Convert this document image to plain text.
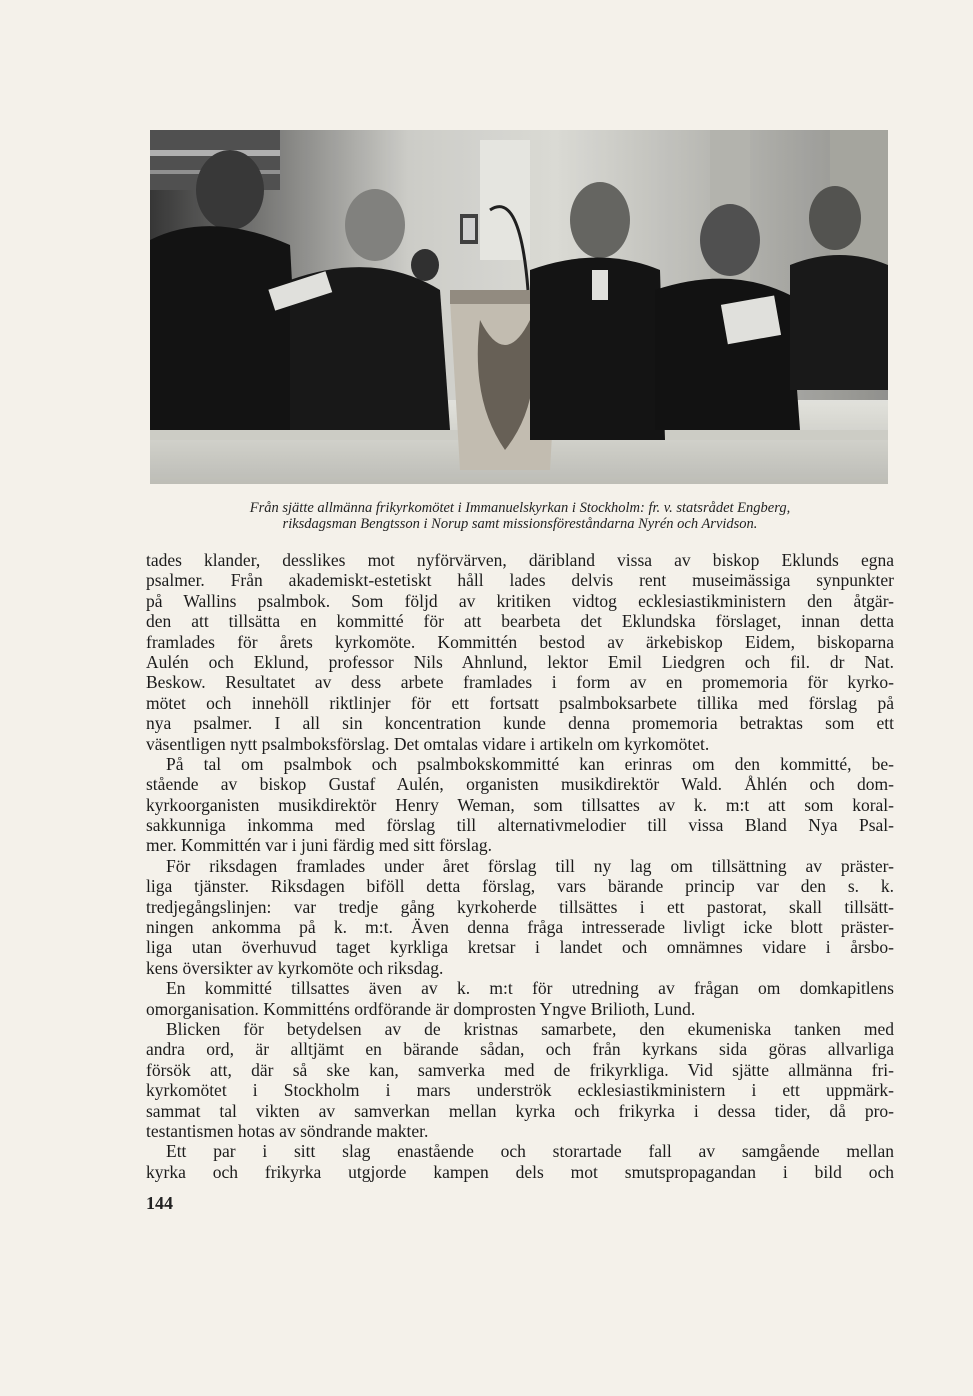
Från sjätte allmänna frikyrkomötet i Immanuelskyrkan i Stockholm: fr. v. statsrådet Engberg,
riksdagsman Bengtsson i Norup samt missionsföreståndarna Nyrén och Arvidson.
tades klander, desslikes mot nyförvärven, däribland vissa av biskop Eklunds egna
psalmer. Från akademiskt-estetiskt håll lades delvis rent museimässiga synpunkter
på Wallins psalmbok. Som följd av kritiken vidtog ecklesiastikministern den åtgär-
den att tillsätta en kommitté för att bearbeta det Eklundska förslaget, innan detta
framlades för årets kyrkomöte. Kommittén bestod av ärkebiskop Eidem, biskoparna
Aulén och Eklund, professor Nils Ahnlund, lektor Emil Liedgren och fil. dr Nat.
Beskow. Resultatet av dess arbete framlades i form av en promemoria för kyrko-
mötet och innehöll riktlinjer för ett fortsatt psalmboksarbete tillika med förslag på
nya psalmer. I all sin koncentration kunde denna promemoria betraktas som ett
väsentligen nytt psalmboksförslag. Det omtalas vidare i artikeln om kyrkomötet.
På tal om psalmbok och psalmbokskommitté kan erinras om den kommitté, be-
stående av biskop Gustaf Aulén, organisten musikdirektör Wald. Åhlén och dom-
kyrkoorganisten musikdirektör Henry Weman, som tillsattes av k. m:t att som koral-
sakkunniga inkomma med förslag till alternativmelodier till vissa Bland Nya Psal-
mer. Kommittén var i juni färdig med sitt förslag.
För riksdagen framlades under året förslag till ny lag om tillsättning av präster-
liga tjänster. Riksdagen biföll detta förslag, vars bärande princip var den s. k.
tredjegångslinjen: var tredje gång kyrkoherde tillsättes i ett pastorat, skall tillsätt-
ningen ankomma på k. m:t. Även denna fråga intresserade livligt icke blott präster-
liga utan överhuvud taget kyrkliga kretsar i landet och omnämnes vidare i årsbo-
kens översikter av kyrkomöte och riksdag.
En kommitté tillsattes även av k. m:t för utredning av frågan om domkapitlens
omorganisation. Kommitténs ordförande är domprosten Yngve Brilioth, Lund.
Blicken för betydelsen av de kristnas samarbete, den ekumeniska tanken med
andra ord, är alltjämt en bärande sådan, och från kyrkans sida göras allvarliga
försök att, där så ske kan, samverka med de frikyrkliga. Vid sjätte allmänna fri-
kyrkomötet i Stockholm i mars underströk ecklesiastikministern i ett uppmärk-
sammat tal vikten av samverkan mellan kyrka och frikyrka i dessa tider, då pro-
testantismen hotas av söndrande makter.
Ett par i sitt slag enastående och storartade fall av samgående mellan
kyrka och frikyrka utgjorde kampen dels mot smutspropagandan i bild och
144
